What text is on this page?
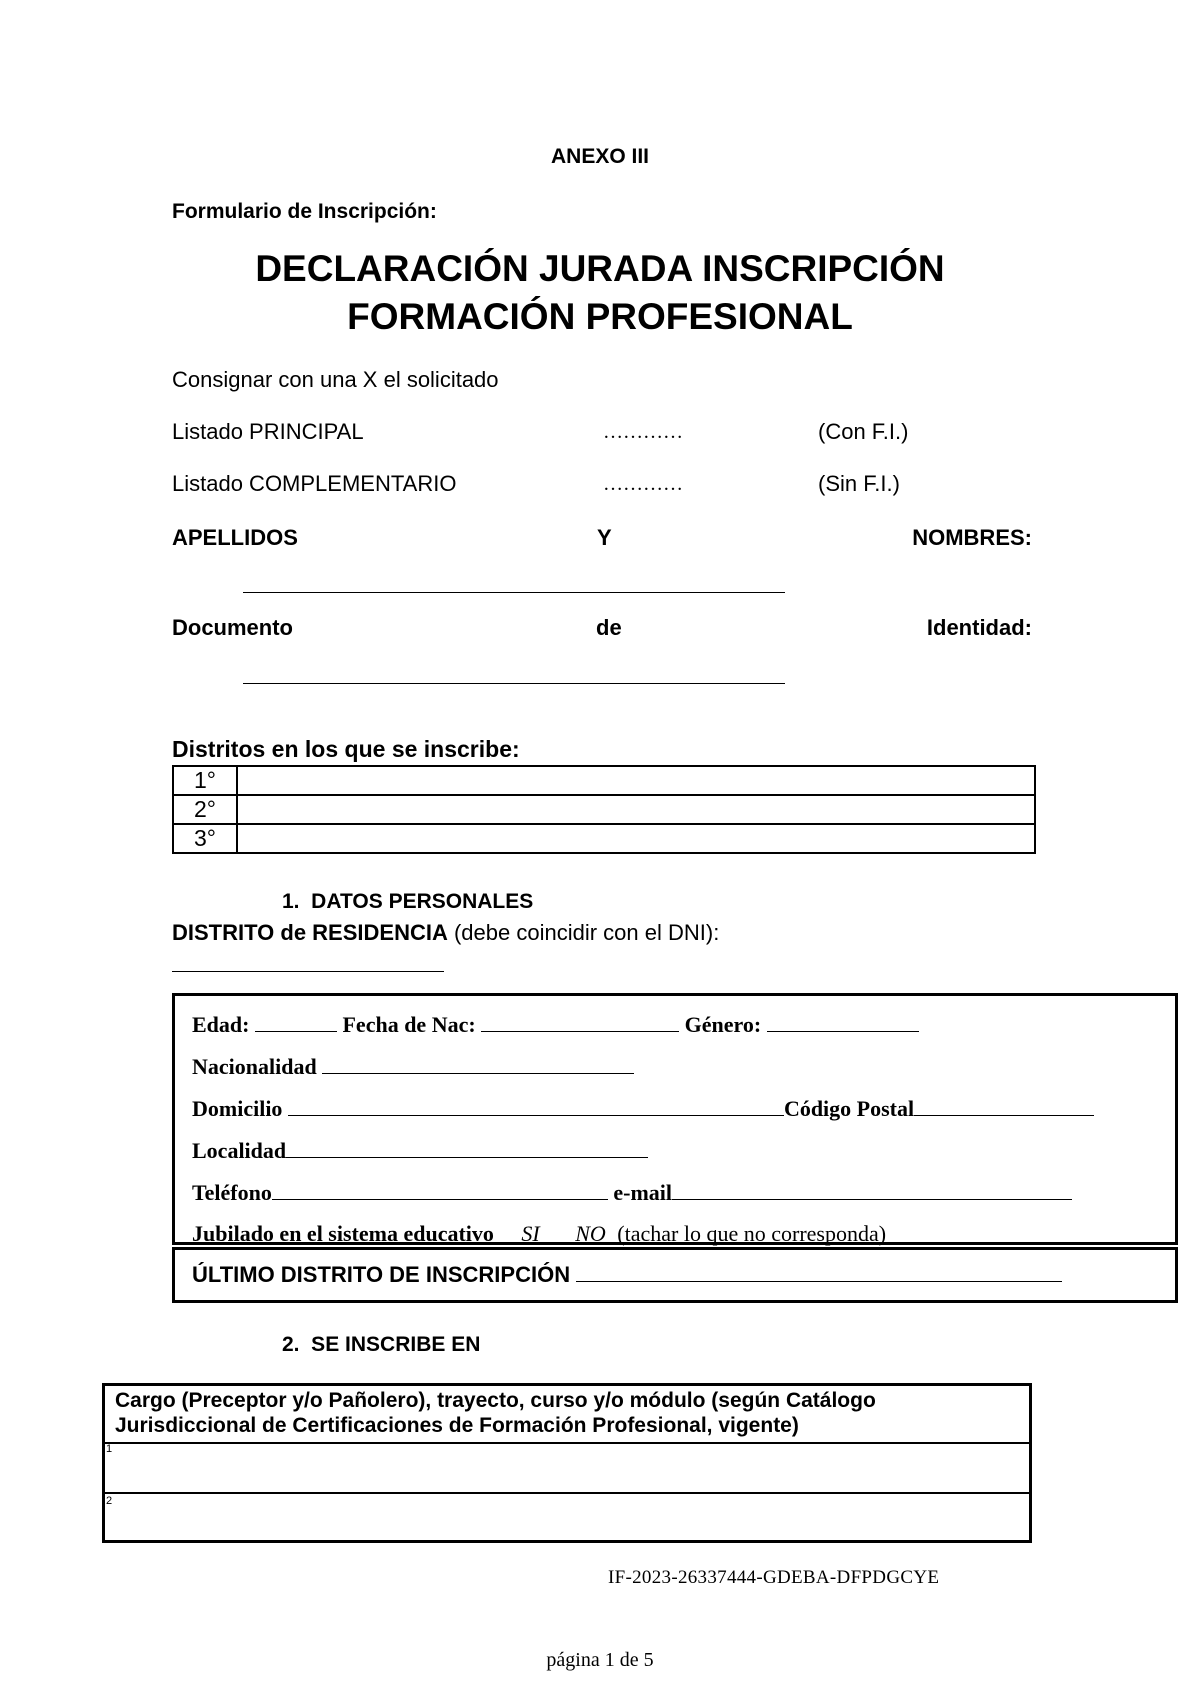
ANEXO III
Formulario de Inscripción:
DECLARACIÓN JURADA INSCRIPCIÓN
FORMACIÓN PROFESIONAL
Consignar con una X el solicitado
Listado PRINCIPAL	…………	(Con F.I.)
Listado COMPLEMENTARIO	…………	(Sin F.I.)
APELLIDOS	Y	NOMBRES:
Documento	de	Identidad:
Distritos en los que se inscribe:
1°	
2°	
3°	
1.  DATOS PERSONALES
DISTRITO de RESIDENCIA (debe coincidir con el DNI):
Edad:	Fecha de Nac:	Género:
Nacionalidad
Domicilio	Código Postal
Localidad
Teléfono	e-mail
Jubilado en el sistema educativo SI NO (tachar lo que no corresponda)
ÚLTIMO DISTRITO DE INSCRIPCIÓN
2.  SE INSCRIBE EN
Cargo (Preceptor y/o Pañolero), trayecto, curso y/o módulo (según Catálogo
Jurisdiccional de Certificaciones de Formación Profesional, vigente)
1
2
IF-2023-26337444-GDEBA-DFPDGCYE
página 1 de 5
